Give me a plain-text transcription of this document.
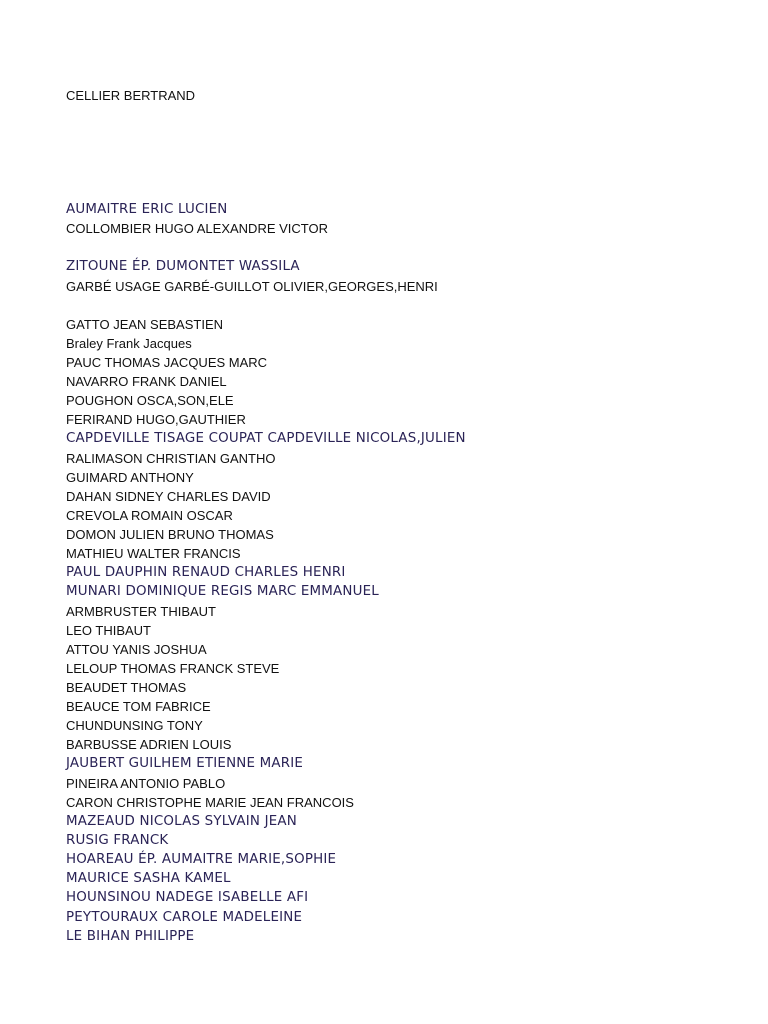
CELLIER BERTRAND

AUMAITRE ERIC LUCIEN

COLLOMBIER HUGO ALEXANDRE VICTOR

ZITOUNE ÉP. DUMONTET WASSILA

GARBÉ USAGE GARBÉ-GUILLOT OLIVIER,GEORGES,HENRI

GATTO JEAN SEBASTIEN

Braley Frank Jacques

PAUC THOMAS JACQUES MARC

NAVARRO FRANK DANIEL

POUGHON OSCA,SON,ELE

FERIRAND HUGO,GAUTHIER

CAPDEVILLE TISAGE COUPAT CAPDEVILLE NICOLAS,JULIEN

RALIMASON CHRISTIAN GANTHO

GUIMARD ANTHONY

DAHAN SIDNEY CHARLES DAVID

CREVOLA ROMAIN OSCAR

DOMON JULIEN BRUNO THOMAS

MATHIEU WALTER FRANCIS

PAUL DAUPHIN RENAUD CHARLES HENRI

MUNARI DOMINIQUE REGIS MARC EMMANUEL

ARMBRUSTER THIBAUT

LEO THIBAUT

ATTOU YANIS JOSHUA

LELOUP THOMAS FRANCK STEVE

BEAUDET THOMAS

BEAUCE TOM FABRICE

CHUNDUNSING TONY

BARBUSSE ADRIEN LOUIS

JAUBERT GUILHEM ETIENNE MARIE

PINEIRA ANTONIO PABLO

CARON CHRISTOPHE MARIE JEAN FRANCOIS

MAZEAUD NICOLAS SYLVAIN JEAN

RUSIG FRANCK

HOAREAU ÉP. AUMAITRE MARIE,SOPHIE

MAURICE SASHA KAMEL

HOUNSINOU NADEGE ISABELLE AFI

PEYTOURAUX CAROLE MADELEINE

LE BIHAN PHILIPPE
